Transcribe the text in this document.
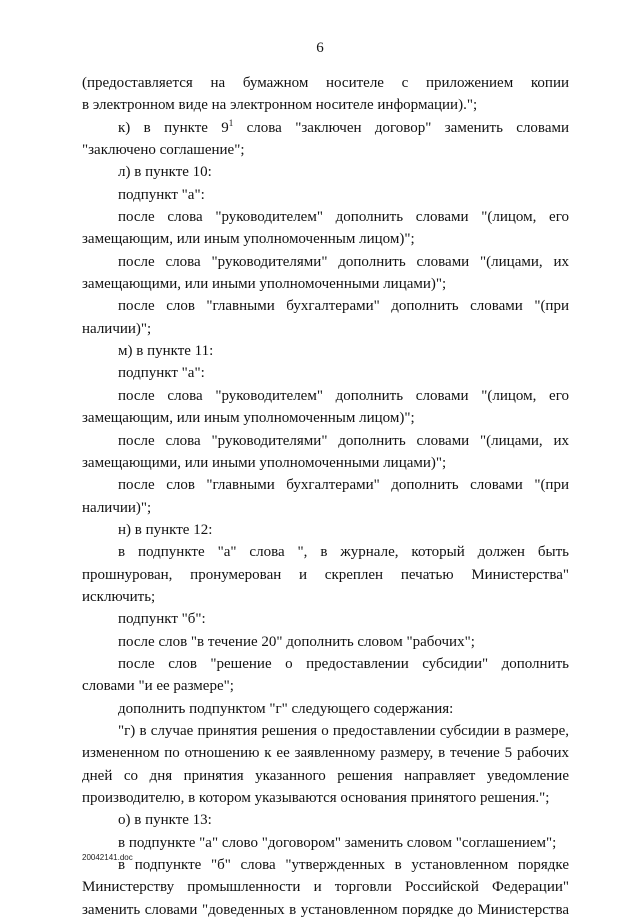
6
(предоставляется на бумажном носителе с приложением копии
в электронном виде на электронном носителе информации).";
к) в пункте $9^1$ слова "заключен договор" заменить словами
"заключено соглашение";
л) в пункте 10:
подпункт "а":
после слова "руководителем" дополнить словами "(лицом, его
замещающим, или иным уполномоченным лицом)";
после слова "руководителями" дополнить словами "(лицами, их
замещающими, или иными уполномоченными лицами)";
после слов "главными бухгалтерами" дополнить словами "(при
наличии)";
м) в пункте 11:
подпункт "а":
после слова "руководителем" дополнить словами "(лицом, его
замещающим, или иным уполномоченным лицом)";
после слова "руководителями" дополнить словами "(лицами, их
замещающими, или иными уполномоченными лицами)";
после слов "главными бухгалтерами" дополнить словами "(при
наличии)";
н) в пункте 12:
в подпункте "а" слова ", в журнале, который должен быть
прошнурован, пронумерован и скреплен печатью Министерства"
исключить;
подпункт "б":
после слов "в течение 20" дополнить словом "рабочих";
после слов "решение о предоставлении субсидии" дополнить
словами "и ее размере";
дополнить подпунктом "г" следующего содержания:
"г) в случае принятия решения о предоставлении субсидии в размере,
измененном по отношению к ее заявленному размеру, в течение 5 рабочих
дней со дня принятия указанного решения направляет уведомление
производителю, в котором указываются основания принятого решения.";
о) в пункте 13:
в подпункте "а" слово "договором" заменить словом "соглашением";
в подпункте "б" слова "утвержденных в установленном порядке
Министерству промышленности и торговли Российской Федерации"
заменить словами "доведенных в установленном порядке до Министерства
20042141.doc
